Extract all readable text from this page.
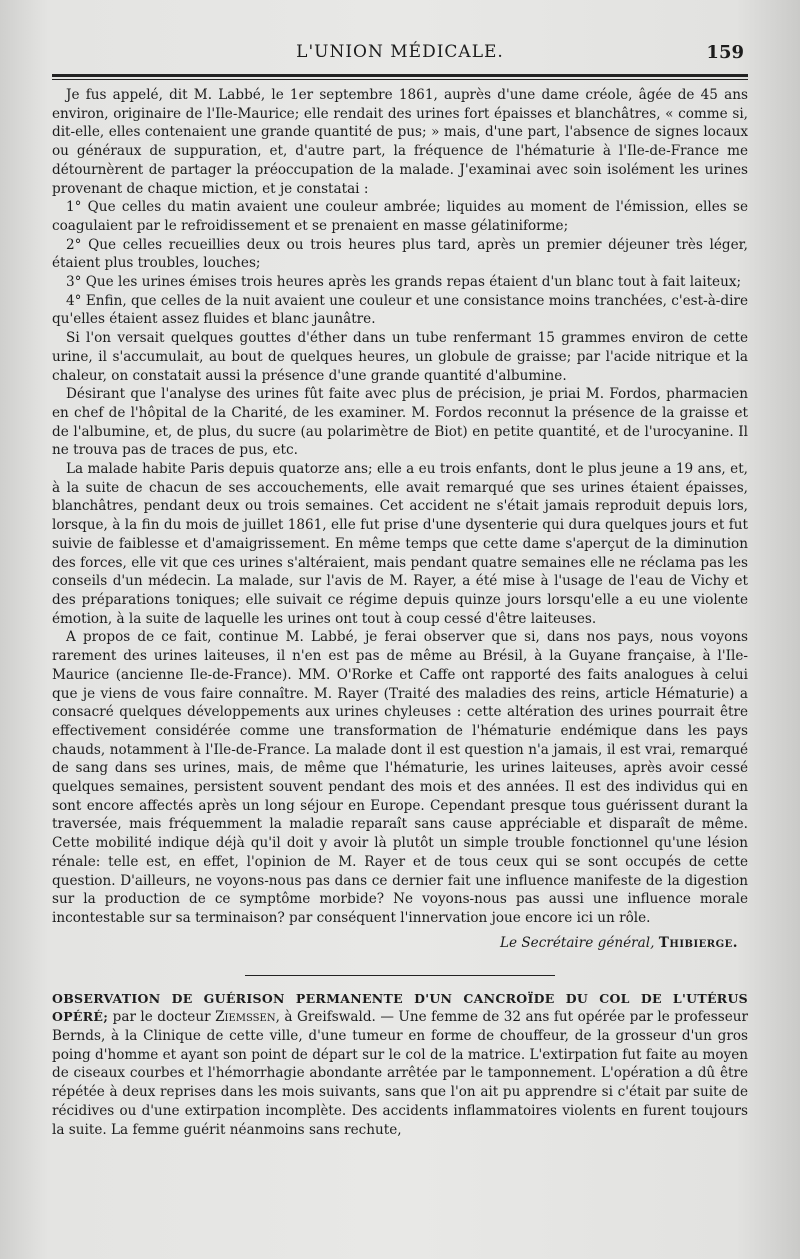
L'UNION MÉDICALE.	159

Je fus appelé, dit M. Labbé, le 1er septembre 1861, auprès d'une dame créole, âgée de 45 ans environ, originaire de l'Ile-Maurice; elle rendait des urines fort épaisses et blanchâtres, « comme si, dit-elle, elles contenaient une grande quantité de pus; » mais, d'une part, l'absence de signes locaux ou généraux de suppuration, et, d'autre part, la fréquence de l'hématurie à l'Ile-de-France me détournèrent de partager la préoccupation de la malade. J'examinai avec soin isolément les urines provenant de chaque miction, et je constatai :

1° Que celles du matin avaient une couleur ambrée; liquides au moment de l'émission, elles se coagulaient par le refroidissement et se prenaient en masse gélatiniforme;

2° Que celles recueillies deux ou trois heures plus tard, après un premier déjeuner très léger, étaient plus troubles, louches;

3° Que les urines émises trois heures après les grands repas étaient d'un blanc tout à fait laiteux;

4° Enfin, que celles de la nuit avaient une couleur et une consistance moins tranchées, c'est-à-dire qu'elles étaient assez fluides et blanc jaunâtre.

Si l'on versait quelques gouttes d'éther dans un tube renfermant 15 grammes environ de cette urine, il s'accumulait, au bout de quelques heures, un globule de graisse; par l'acide nitrique et la chaleur, on constatait aussi la présence d'une grande quantité d'albumine.

Désirant que l'analyse des urines fût faite avec plus de précision, je priai M. Fordos, pharmacien en chef de l'hôpital de la Charité, de les examiner. M. Fordos reconnut la présence de la graisse et de l'albumine, et, de plus, du sucre (au polarimètre de Biot) en petite quantité, et de l'urocyanine. Il ne trouva pas de traces de pus, etc.

La malade habite Paris depuis quatorze ans; elle a eu trois enfants, dont le plus jeune a 19 ans, et, à la suite de chacun de ses accouchements, elle avait remarqué que ses urines étaient épaisses, blanchâtres, pendant deux ou trois semaines. Cet accident ne s'était jamais reproduit depuis lors, lorsque, à la fin du mois de juillet 1861, elle fut prise d'une dysenterie qui dura quelques jours et fut suivie de faiblesse et d'amaigrissement. En même temps que cette dame s'aperçut de la diminution des forces, elle vit que ces urines s'altéraient, mais pendant quatre semaines elle ne réclama pas les conseils d'un médecin. La malade, sur l'avis de M. Rayer, a été mise à l'usage de l'eau de Vichy et des préparations toniques; elle suivait ce régime depuis quinze jours lorsqu'elle a eu une violente émotion, à la suite de laquelle les urines ont tout à coup cessé d'être laiteuses.

A propos de ce fait, continue M. Labbé, je ferai observer que si, dans nos pays, nous voyons rarement des urines laiteuses, il n'en est pas de même au Brésil, à la Guyane française, à l'Ile-Maurice (ancienne Ile-de-France). MM. O'Rorke et Caffe ont rapporté des faits analogues à celui que je viens de vous faire connaître. M. Rayer (Traité des maladies des reins, article Hématurie) a consacré quelques développements aux urines chyleuses : cette altération des urines pourrait être effectivement considérée comme une transformation de l'hématurie endémique dans les pays chauds, notamment à l'Ile-de-France. La malade dont il est question n'a jamais, il est vrai, remarqué de sang dans ses urines, mais, de même que l'hématurie, les urines laiteuses, après avoir cessé quelques semaines, persistent souvent pendant des mois et des années. Il est des individus qui en sont encore affectés après un long séjour en Europe. Cependant presque tous guérissent durant la traversée, mais fréquemment la maladie reparaît sans cause appréciable et disparaît de même. Cette mobilité indique déjà qu'il doit y avoir là plutôt un simple trouble fonctionnel qu'une lésion rénale: telle est, en effet, l'opinion de M. Rayer et de tous ceux qui se sont occupés de cette question. D'ailleurs, ne voyons-nous pas dans ce dernier fait une influence manifeste de la digestion sur la production de ce symptôme morbide? Ne voyons-nous pas aussi une influence morale incontestable sur sa terminaison? par conséquent l'innervation joue encore ici un rôle.

Le Secrétaire général, Thibierge.

OBSERVATION DE GUÉRISON PERMANENTE D'UN CANCROÏDE DU COL DE L'UTÉRUS OPÉRÉ; par le docteur Ziemssen, à Greifswald. — Une femme de 32 ans fut opérée par le professeur Bernds, à la Clinique de cette ville, d'une tumeur en forme de chouffeur, de la grosseur d'un gros poing d'homme et ayant son point de départ sur le col de la matrice. L'extirpation fut faite au moyen de ciseaux courbes et l'hémorrhagie abondante arrêtée par le tamponnement. L'opération a dû être répétée à deux reprises dans les mois suivants, sans que l'on ait pu apprendre si c'était par suite de récidives ou d'une extirpation incomplète. Des accidents inflammatoires violents en furent toujours la suite. La femme guérit néanmoins sans rechute,
